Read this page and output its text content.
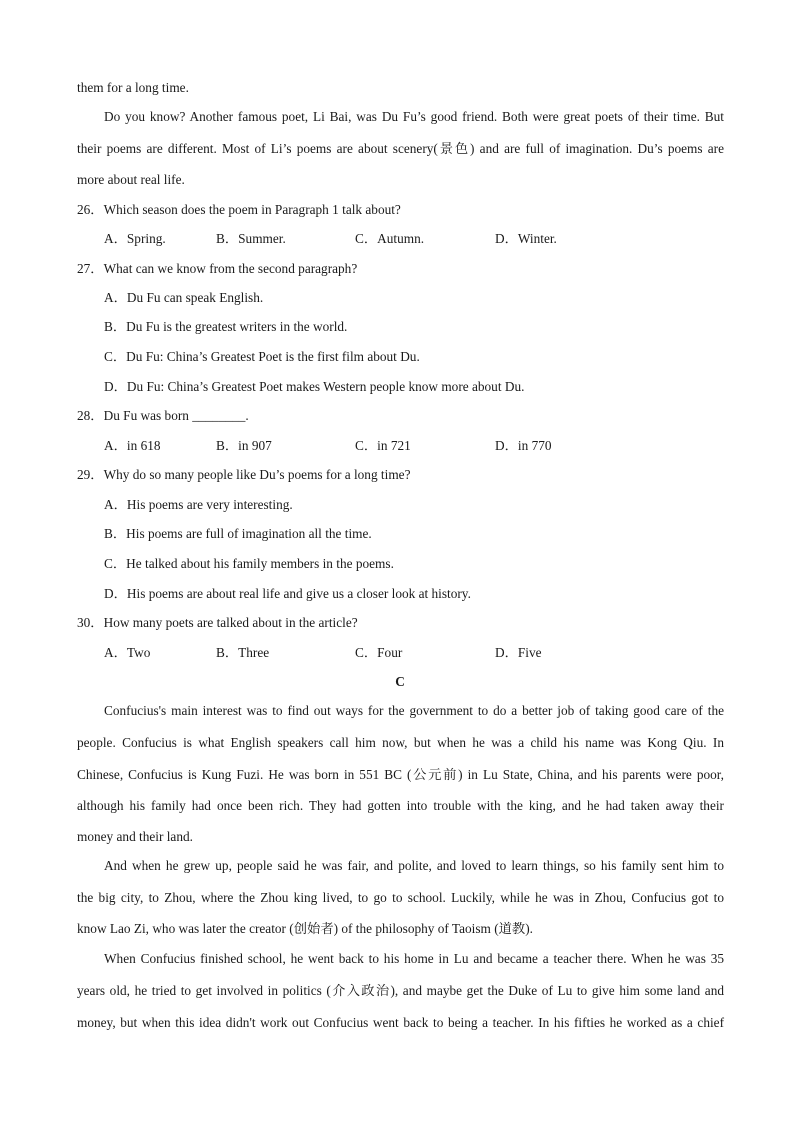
them for a long time.
Do you know? Another famous poet, Li Bai, was Du Fu’s good friend. Both were great poets of their time. But
their poems are different. Most of Li’s poems are about scenery(景色) and are full of imagination. Du’s poems are
more about real life.
26．Which season does the poem in Paragraph 1 talk about?
A．Spring.	B．Summer.	C．Autumn.	D．Winter.
27．What can we know from the second paragraph?
A．Du Fu can speak English.
B．Du Fu is the greatest writers in the world.
C．Du Fu: China’s Greatest Poet is the first film about Du.
D．Du Fu: China’s Greatest Poet makes Western people know more about Du.
28．Du Fu was born ________.
A．in 618	B．in 907	C．in 721	D．in 770
29．Why do so many people like Du’s poems for a long time?
A．His poems are very interesting.
B．His poems are full of imagination all the time.
C．He talked about his family members in the poems.
D．His poems are about real life and give us a closer look at history.
30．How many poets are talked about in the article?
A．Two	B．Three	C．Four	D．Five
C
Confucius's main interest was to find out ways for the government to do a better job of taking good care of the
people. Confucius is what English speakers call him now, but when he was a child his name was Kong Qiu. In
Chinese, Confucius is Kung Fuzi. He was born in 551 BC (公元前) in Lu State, China, and his parents were poor,
although his family had once been rich. They had gotten into trouble with the king, and he had taken away their
money and their land.
And when he grew up, people said he was fair, and polite, and loved to learn things, so his family sent him to
the big city, to Zhou, where the Zhou king lived, to go to school. Luckily, while he was in Zhou, Confucius got to
know Lao Zi, who was later the creator (创始者) of the philosophy of Taoism (道教).
When Confucius finished school, he went back to his home in Lu and became a teacher there. When he was 35
years old, he tried to get involved in politics (介入政治), and maybe get the Duke of Lu to give him some land and
money, but when this idea didn't work out Confucius went back to being a teacher. In his fifties he worked as a chief
